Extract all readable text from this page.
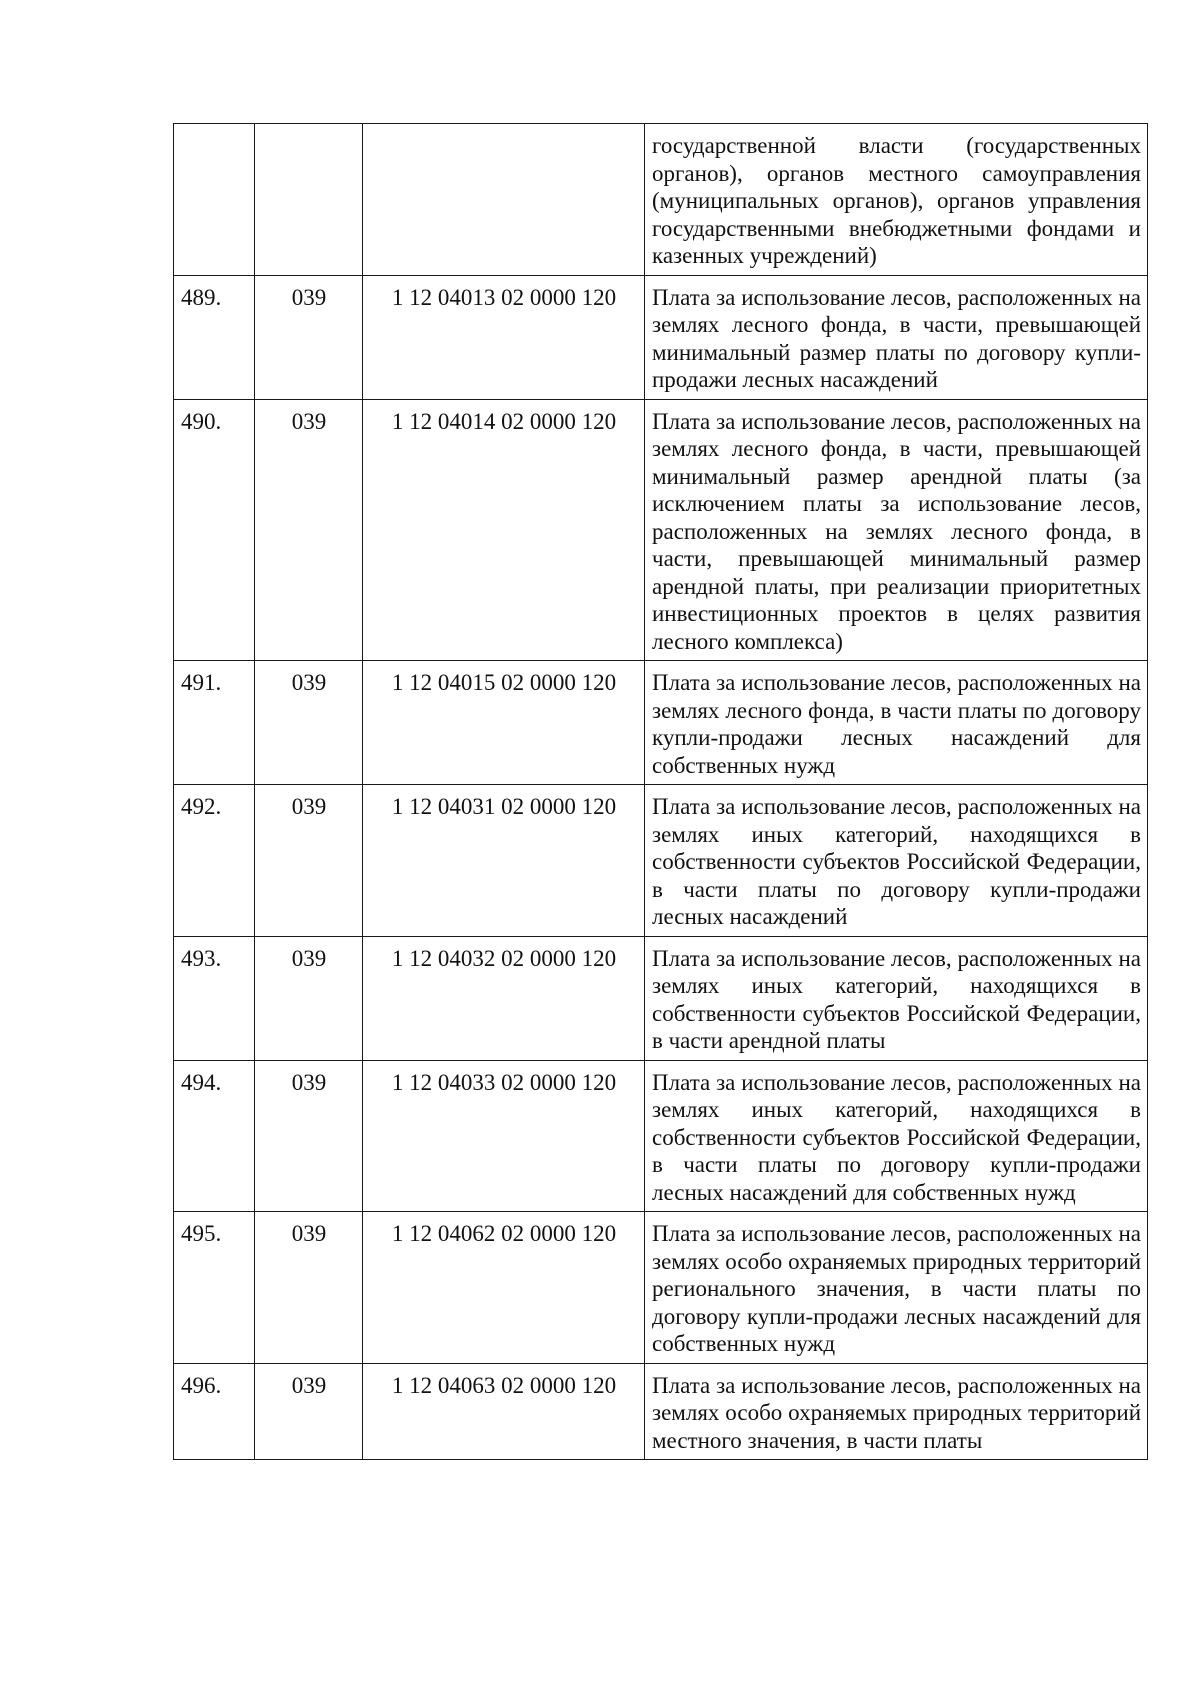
			государственной власти (государственных органов), органов местного самоуправления (муниципальных органов), органов управления государственными внебюджетными фондами и казенных учреждений)
489.	039	1 12 04013 02 0000 120	Плата за использование лесов, расположенных на землях лесного фонда, в части, превышающей минимальный размер платы по договору купли-продажи лесных насаждений
490.	039	1 12 04014 02 0000 120	Плата за использование лесов, расположенных на землях лесного фонда, в части, превышающей минимальный размер арендной платы (за исключением платы за использование лесов, расположенных на землях лесного фонда, в части, превышающей минимальный размер арендной платы, при реализации приоритетных инвестиционных проектов в целях развития лесного комплекса)
491.	039	1 12 04015 02 0000 120	Плата за использование лесов, расположенных на землях лесного фонда, в части платы по договору купли-продажи лесных насаждений для собственных нужд
492.	039	1 12 04031 02 0000 120	Плата за использование лесов, расположенных на землях иных категорий, находящихся в собственности субъектов Российской Федерации, в части платы по договору купли-продажи лесных насаждений
493.	039	1 12 04032 02 0000 120	Плата за использование лесов, расположенных на землях иных категорий, находящихся в собственности субъектов Российской Федерации, в части арендной платы
494.	039	1 12 04033 02 0000 120	Плата за использование лесов, расположенных на землях иных категорий, находящихся в собственности субъектов Российской Федерации, в части платы по договору купли-продажи лесных насаждений для собственных нужд
495.	039	1 12 04062 02 0000 120	Плата за использование лесов, расположенных на землях особо охраняемых природных территорий регионального значения, в части платы по договору купли-продажи лесных насаждений для собственных нужд
496.	039	1 12 04063 02 0000 120	Плата за использование лесов, расположенных на землях особо охраняемых природных территорий местного значения, в части платы
